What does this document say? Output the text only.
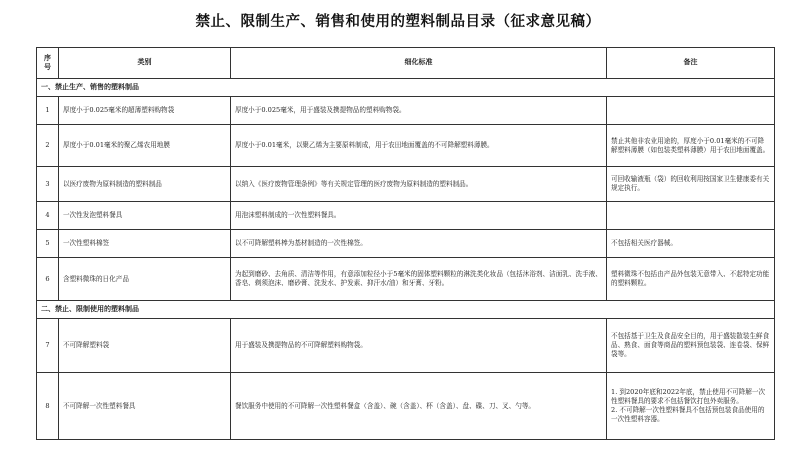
禁止、限制生产、销售和使用的塑料制品目录（征求意见稿）
序号	类别	细化标准	备注
一、禁止生产、销售的塑料制品			
1	厚度小于0.025毫米的超薄塑料购物袋	厚度小于0.025毫米，用于盛装及携提物品的塑料购物袋。	
2	厚度小于0.01毫米的聚乙烯农用地膜	厚度小于0.01毫米，以聚乙烯为主要原料制成，用于农田地面覆盖的不可降解塑料薄膜。	禁止其他非农业用途的，厚度小于0.01毫米的不可降解塑料薄膜（如包装类塑料薄膜）用于农田地面覆盖。
3	以医疗废物为原料制造的塑料制品	以纳入《医疗废物管理条例》等有关规定管理的医疗废物为原料制造的塑料制品。	可回收输液瓶（袋）的回收利用按国家卫生健康委有关规定执行。
4	一次性发泡塑料餐具	用泡沫塑料制成的一次性塑料餐具。	
5	一次性塑料棉签	以不可降解塑料棒为基材制造的一次性棉签。	不包括相关医疗器械。
6	含塑料微珠的日化产品	为起到磨砂、去角质、清洁等作用，有意添加粒径小于5毫米的固体塑料颗粒的淋洗类化妆品（包括沐浴剂、洁面乳、洗手液、香皂、剃须泡沫、磨砂膏、洗发水、护发素、抑汗水/油）和牙膏、牙粉。	塑料微珠不包括由产品外包装无意带入、不起特定功能的塑料颗粒。
二、禁止、限制使用的塑料制品			
7	不可降解塑料袋	用于盛装及携提物品的不可降解塑料购物袋。	不包括基于卫生及食品安全目的，用于盛装散装生鲜食品、熟食、面食等商品的塑料预包装袋、连卷袋、保鲜袋等。
8	不可降解一次性塑料餐具	餐饮服务中使用的不可降解一次性塑料餐盒（含盖）、碗（含盖）、杯（含盖）、盘、碟、刀、叉、勺等。	1. 到2020年底和2022年底，禁止使用不可降解一次性塑料餐具的要求不包括餐饮打包外卖服务。
2. 不可降解一次性塑料餐具不包括预包装食品使用的一次性塑料容器。
